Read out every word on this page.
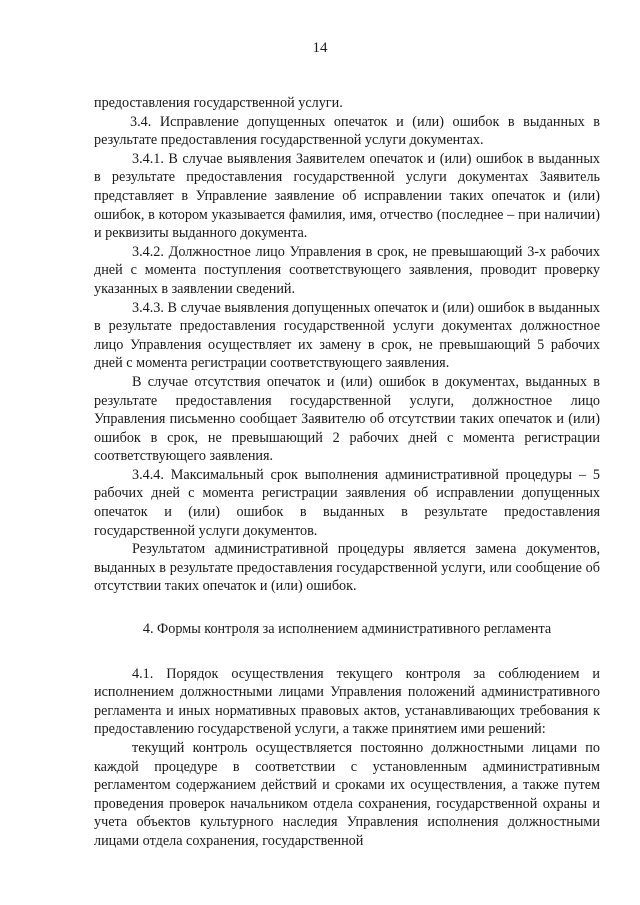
14

предоставления государственной услуги.

3.4. Исправление допущенных опечаток и (или) ошибок в выданных в результате предоставления государственной услуги документах.

3.4.1. В случае выявления Заявителем опечаток и (или) ошибок в выданных в результате предоставления государственной услуги документах Заявитель представляет в Управление заявление об исправлении таких опечаток и (или) ошибок, в котором указывается фамилия, имя, отчество (последнее – при наличии) и реквизиты выданного документа.

3.4.2. Должностное лицо Управления в срок, не превышающий 3-х рабочих дней с момента поступления соответствующего заявления, проводит проверку указанных в заявлении сведений.

3.4.3. В случае выявления допущенных опечаток и (или) ошибок в выданных в результате предоставления государственной услуги документах должностное лицо Управления осуществляет их замену в срок, не превышающий 5 рабочих дней с момента регистрации соответствующего заявления.

В случае отсутствия опечаток и (или) ошибок в документах, выданных в результате предоставления государственной услуги, должностное лицо Управления письменно сообщает Заявителю об отсутствии таких опечаток и (или) ошибок в срок, не превышающий 2 рабочих дней с момента регистрации соответствующего заявления.

3.4.4. Максимальный срок выполнения административной процедуры – 5 рабочих дней с момента регистрации заявления об исправлении допущенных опечаток и (или) ошибок в выданных в результате предоставления государственной услуги документов.

Результатом административной процедуры является замена документов, выданных в результате предоставления государственной услуги, или сообщение об отсутствии таких опечаток и (или) ошибок.

4. Формы контроля за исполнением административного регламента

4.1. Порядок осуществления текущего контроля за соблюдением и исполнением должностными лицами Управления положений административного регламента и иных нормативных правовых актов, устанавливающих требования к предоставлению государственой услуги, а также принятием ими решений:

текущий контроль осуществляется постоянно должностными лицами по каждой процедуре в соответствии с установленным административным регламентом содержанием действий и сроками их осуществления, а также путем проведения проверок начальником отдела сохранения, государственной охраны и учета объектов культурного наследия Управления исполнения должностными лицами отдела сохранения, государственной
